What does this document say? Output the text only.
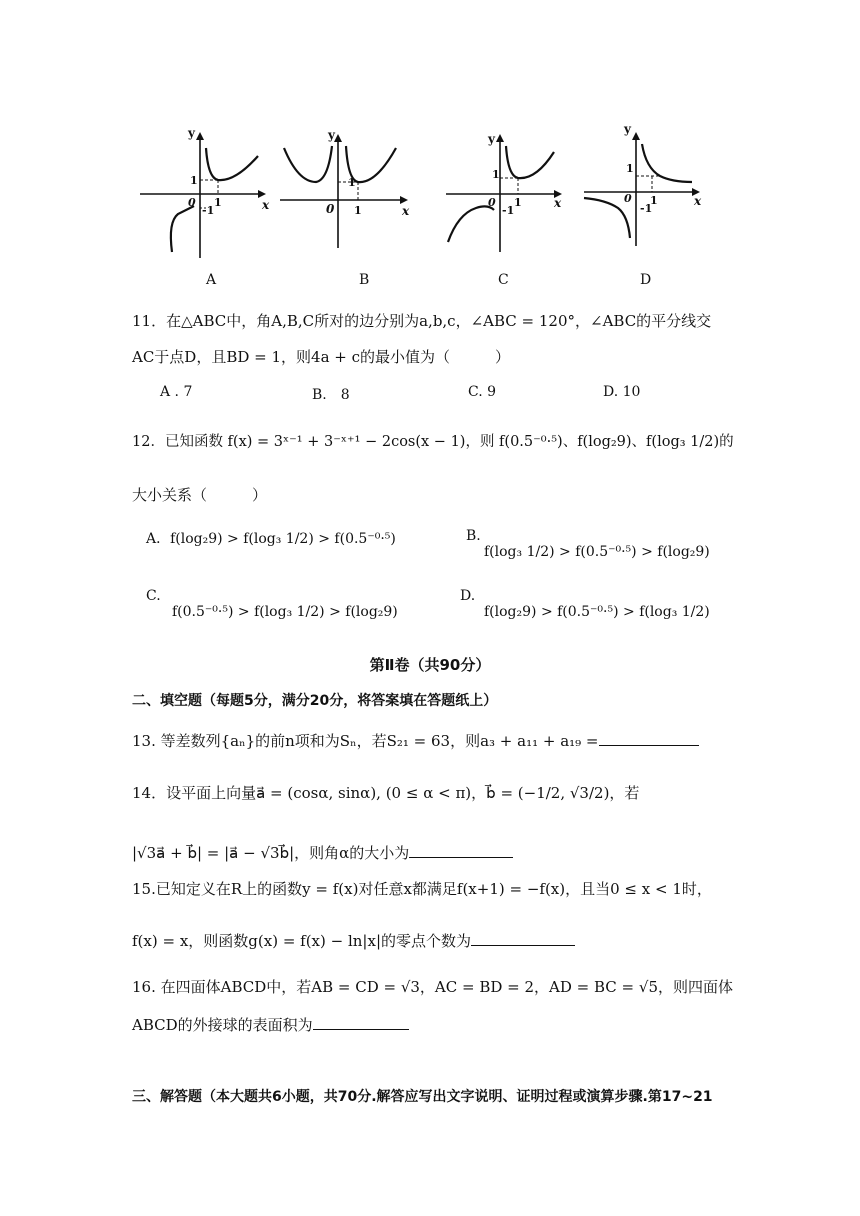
y
x
1
1
0
-1
A
y
x
1
1
0
B
y
x
1
1
0
-1
C
y
x
1
1
0
-1
D
11．在△ABC中，角A,B,C所对的边分别为a,b,c，∠ABC = 120°，∠ABC的平分线交
AC于点D，且BD = 1，则4a + c的最小值为（　　　）
A . 7	B.　8	C. 9	D. 10
12．已知函数 f(x) = 3ˣ⁻¹ + 3⁻ˣ⁺¹ − 2cos(x − 1)，则 f(0.5⁻⁰·⁵)、f(log₂9)、f(log₃ 1/2)的
大小关系（　　　）
A．f(log₂9) > f(log₃ 1/2) > f(0.5⁻⁰·⁵)	B.
f(log₃ 1/2) > f(0.5⁻⁰·⁵) > f(log₂9)
C.
f(0.5⁻⁰·⁵) > f(log₃ 1/2) > f(log₂9)
D.
f(log₂9) > f(0.5⁻⁰·⁵) > f(log₃ 1/2)
第Ⅱ卷（共90分）
二、填空题（每题5分，满分20分，将答案填在答题纸上）
13. 等差数列{aₙ}的前n项和为Sₙ，若S₂₁ = 63，则a₃ + a₁₁ + a₁₉ =
14．设平面上向量a⃗ = (cosα, sinα), (0 ≤ α < π)，b⃗ = (−1/2, √3/2)，若
|√3a⃗ + b⃗| = |a⃗ − √3b⃗|，则角α的大小为
15.已知定义在R上的函数y = f(x)对任意x都满足f(x+1) = −f(x)，且当0 ≤ x < 1时，
f(x) = x，则函数g(x) = f(x) − ln|x|的零点个数为
16. 在四面体ABCD中，若AB = CD = √3，AC = BD = 2，AD = BC = √5，则四面体
ABCD的外接球的表面积为
三、解答题（本大题共6小题，共70分.解答应写出文字说明、证明过程或演算步骤.第17~21
